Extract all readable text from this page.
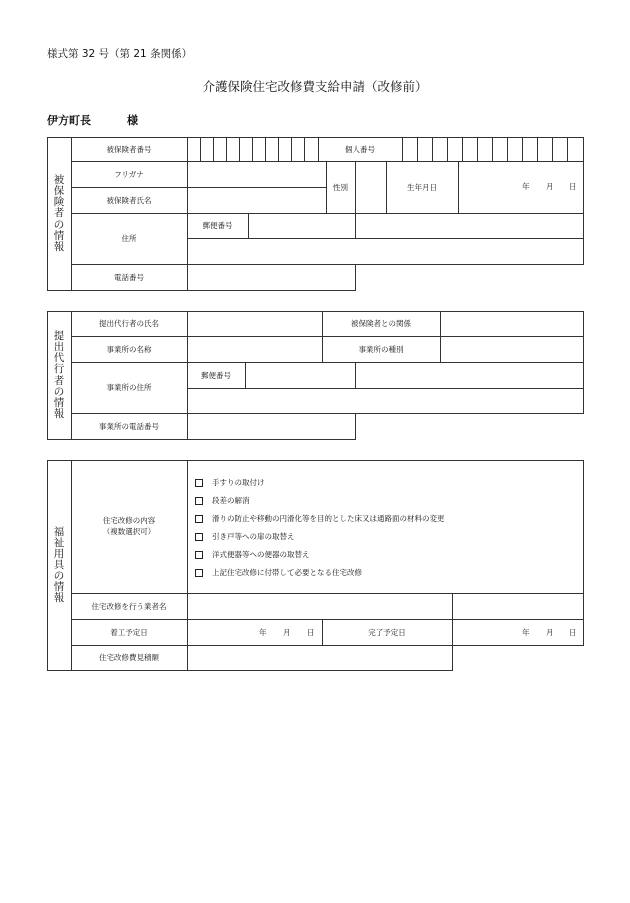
様式第 32 号（第 21 条関係）
介護保険住宅改修費支給申請（改修前）
伊方町長	様
被
保
険
者
の
情
報
被保険者番号	個人番号
フリガナ
被保険者氏名
性別	生年月日	年 月 日
住所
郵便番号
電話番号
提
出
代
行
者
の
情
報
提出代行者の氏名	被保険者との関係
事業所の名称	事業所の種別
事業所の住所
郵便番号
事業所の電話番号
福
祉
用
具
の
情
報
住宅改修の内容
（複数選択可）
手すりの取付け
段差の解消
滑りの防止や移動の円滑化等を目的とした床又は通路面の材料の変更
引き戸等への扉の取替え
洋式便器等への便器の取替え
上記住宅改修に付帯して必要となる住宅改修
住宅改修を行う業者名
着工予定日	年 月 日	完了予定日	年 月 日
住宅改修費見積額
